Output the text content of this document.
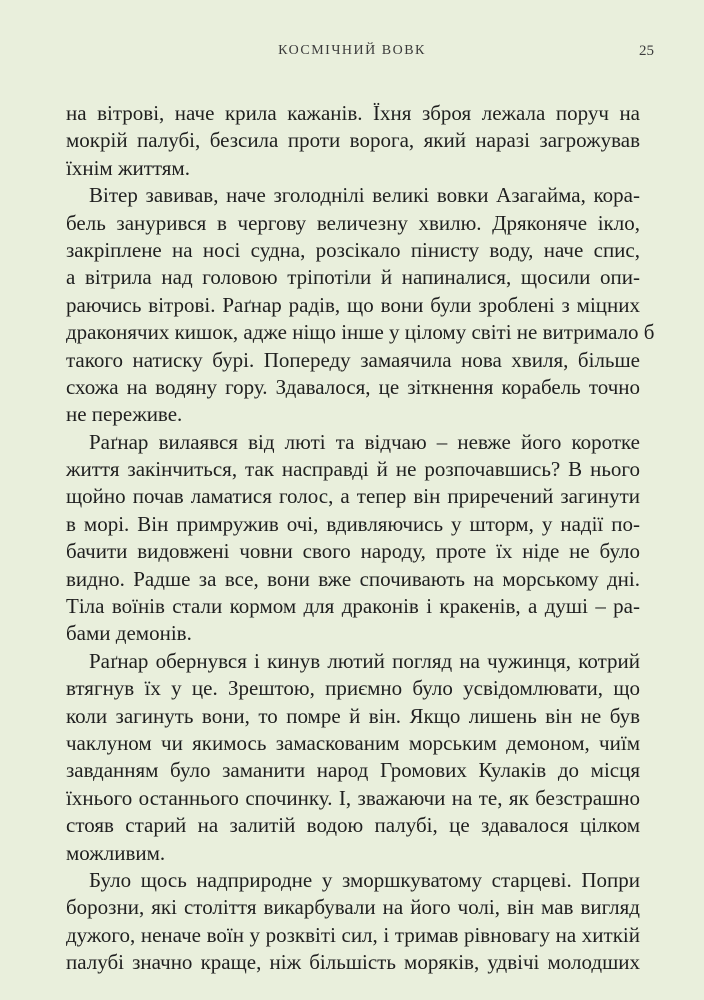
КОСМІЧНИЙ ВОВК	25
на вітрові, наче крила кажанів. Їхня зброя лежала поруч на
мокрій палубі, безсила проти ворога, який наразі загрожував
їхнім життям.
Вітер завивав, наче зголоднілі великі вовки Азагайма, кора-
бель занурився в чергову величезну хвилю. Дряконяче ікло,
закріплене на носі судна, розсікало пінисту воду, наче спис,
а вітрила над головою тріпотіли й напиналися, щосили опи-
раючись вітрові. Раґнар радів, що вони були зроблені з міцних
драконячих кишок, адже ніщо інше у цілому світі не витримало б
такого натиску бурі. Попереду замаячила нова хвиля, більше
схожа на водяну гору. Здавалося, це зіткнення корабель точно
не переживе.
Раґнар вилаявся від люті та відчаю – невже його коротке
життя закінчиться, так насправді й не розпочавшись? В нього
щойно почав ламатися голос, а тепер він приречений загинути
в морі. Він примружив очі, вдивляючись у шторм, у надії по-
бачити видовжені човни свого народу, проте їх ніде не було
видно. Радше за все, вони вже спочивають на морському дні.
Тіла воїнів стали кормом для драконів і кракенів, а душі – ра-
бами демонів.
Раґнар обернувся і кинув лютий погляд на чужинця, котрий
втягнув їх у це. Зрештою, приємно було усвідомлювати, що
коли загинуть вони, то помре й він. Якщо лишень він не був
чаклуном чи якимось замаскованим морським демоном, чиїм
завданням було заманити народ Громових Кулаків до місця
їхнього останнього спочинку. І, зважаючи на те, як безстрашно
стояв старий на залитій водою палубі, це здавалося цілком
можливим.
Було щось надприродне у зморшкуватому старцеві. Попри
борозни, які століття викарбували на його чолі, він мав вигляд
дужого, неначе воїн у розквіті сил, і тримав рівновагу на хиткій
палубі значно краще, ніж більшість моряків, удвічі молодших
